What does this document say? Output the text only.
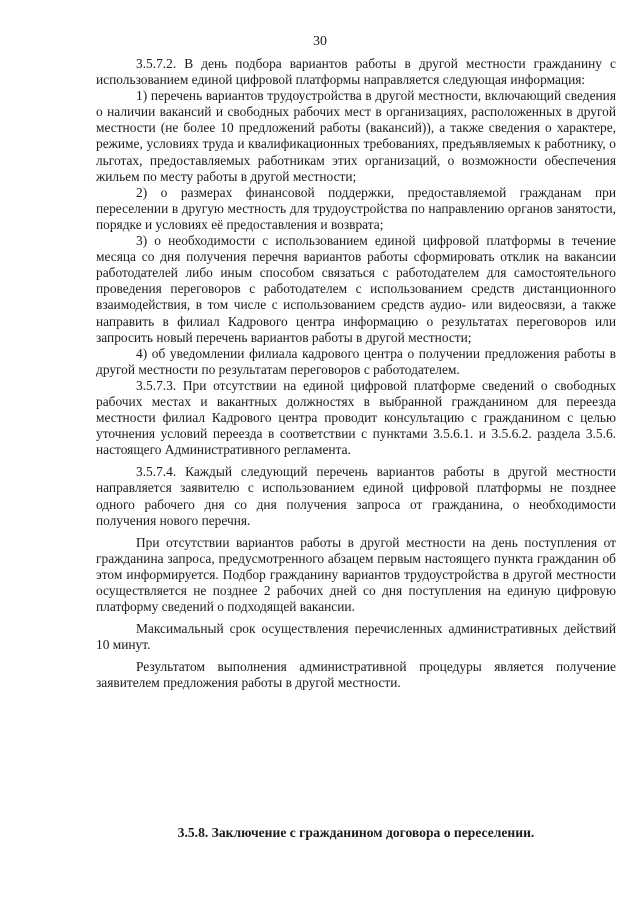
30

3.5.7.2. В день подбора вариантов работы в другой местности гражданину с использованием единой цифровой платформы направляется следующая информация:

1) перечень вариантов трудоустройства в другой местности, включающий сведения о наличии вакансий и свободных рабочих мест в организациях, расположенных в другой местности (не более 10 предложений работы (вакансий)), а также сведения о характере, режиме, условиях труда и квалификационных требованиях, предъявляемых к работнику, о льготах, предоставляемых работникам этих организаций, о возможности обеспечения жильем по месту работы в другой местности;

2) о размерах финансовой поддержки, предоставляемой гражданам при переселении в другую местность для трудоустройства по направлению органов занятости, порядке и условиях её предоставления и возврата;

3) о необходимости с использованием единой цифровой платформы в течение месяца со дня получения перечня вариантов работы сформировать отклик на вакансии работодателей либо иным способом связаться с работодателем для самостоятельного проведения переговоров с работодателем с использованием средств дистанционного взаимодействия, в том числе с использованием средств аудио- или видеосвязи, а также направить в филиал Кадрового центра информацию о результатах переговоров или запросить новый перечень вариантов работы в другой местности;

4) об уведомлении филиала кадрового центра о получении предложения работы в другой местности по результатам переговоров с работодателем.

3.5.7.3. При отсутствии на единой цифровой платформе сведений о свободных рабочих местах и вакантных должностях в выбранной гражданином для переезда местности филиал Кадрового центра проводит консультацию с гражданином с целью уточнения условий переезда в соответствии с пунктами 3.5.6.1. и 3.5.6.2. раздела 3.5.6. настоящего Административного регламента.

3.5.7.4. Каждый следующий перечень вариантов работы в другой местности направляется заявителю с использованием единой цифровой платформы не позднее одного рабочего дня со дня получения запроса от гражданина, о необходимости получения нового перечня.

При отсутствии вариантов работы в другой местности на день поступления от гражданина запроса, предусмотренного абзацем первым настоящего пункта гражданин об этом информируется. Подбор гражданину вариантов трудоустройства в другой местности осуществляется не позднее 2 рабочих дней со дня поступления на единую цифровую платформу сведений о подходящей вакансии.

Максимальный срок осуществления перечисленных административных действий 10 минут.

Результатом выполнения административной процедуры является получение заявителем предложения работы в другой местности.

3.5.8. Заключение с гражданином договора о переселении.
